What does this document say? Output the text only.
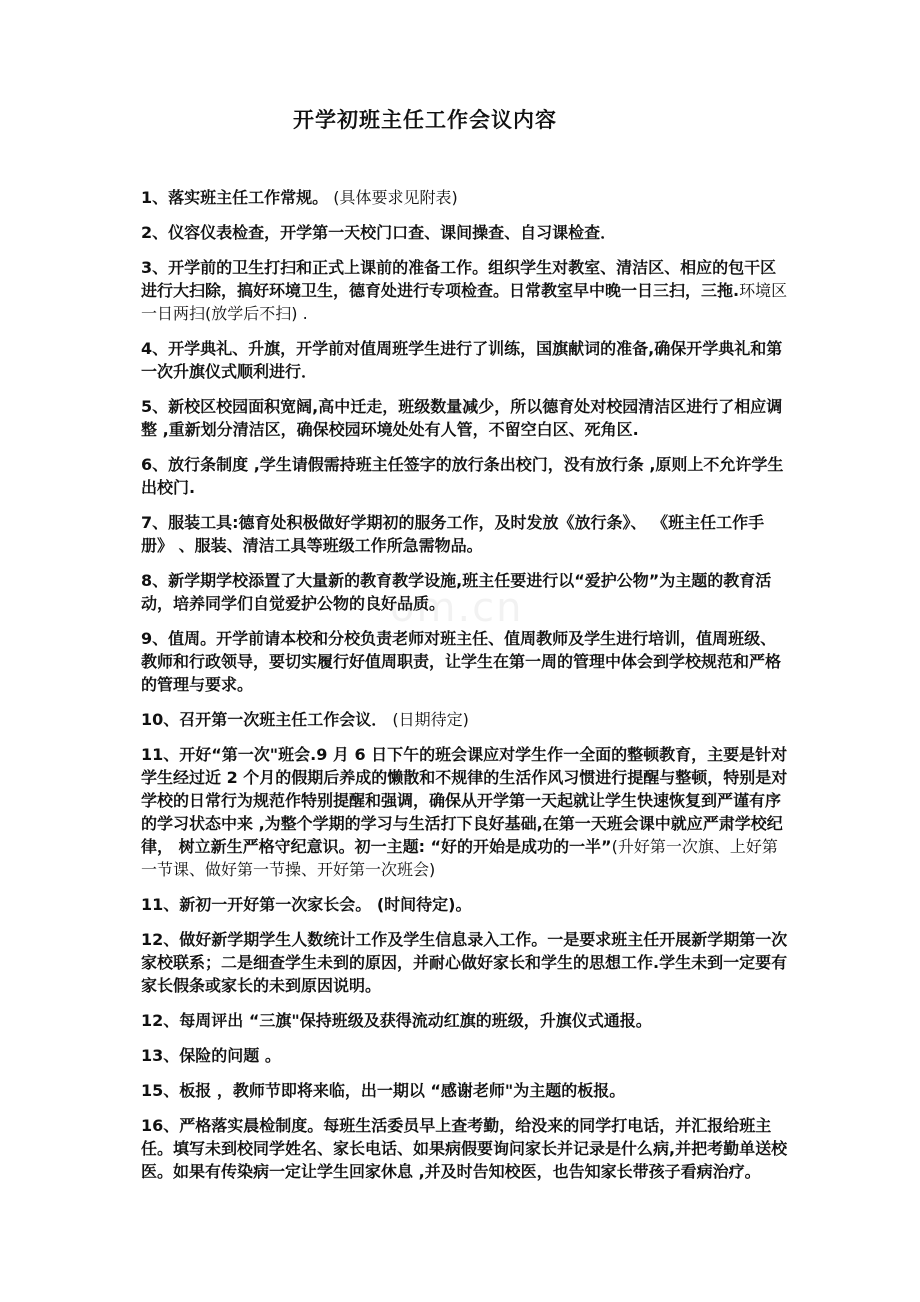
om.cn
开学初班主任工作会议内容

1、落实班主任工作常规。 (具体要求见附表)

2、仪容仪表检查，开学第一天校门口查、课间操查、自习课检查．

3、开学前的卫生打扫和正式上课前的准备工作。组织学生对教室、清洁区、相应的包干区进行大扫除，搞好环境卫生，德育处进行专项检查。日常教室早中晚一日三扫，三拖.环境区一日两扫(放学后不扫) .

4、开学典礼、升旗，开学前对值周班学生进行了训练，国旗献词的准备,确保开学典礼和第一次升旗仪式顺利进行．

5、新校区校园面积宽阔,高中迁走，班级数量减少，所以德育处对校园清洁区进行了相应调整 ,重新划分清洁区，确保校园环境处处有人管，不留空白区、死角区.

6、放行条制度 ,学生请假需持班主任签字的放行条出校门，没有放行条 ,原则上不允许学生出校门.

7、服装工具:德育处积极做好学期初的服务工作，及时发放《放行条》、 《班主任工作手册》 、服装、清洁工具等班级工作所急需物品。

8、新学期学校添置了大量新的教育教学设施,班主任要进行以“爱护公物”为主题的教育活动，培养同学们自觉爱护公物的良好品质。

9、值周。开学前请本校和分校负责老师对班主任、值周教师及学生进行培训，值周班级、教师和行政领导，要切实履行好值周职责，让学生在第一周的管理中体会到学校规范和严格的管理与要求。

10、召开第一次班主任工作会议． (日期待定)

11、开好“第一次"班会.9 月 6 日下午的班会课应对学生作一全面的整顿教育，主要是针对学生经过近 2 个月的假期后养成的懒散和不规律的生活作风习惯进行提醒与整顿，特别是对学校的日常行为规范作特别提醒和强调，确保从开学第一天起就让学生快速恢复到严谨有序的学习状态中来 ,为整个学期的学习与生活打下良好基础,在第一天班会课中就应严肃学校纪律， 树立新生严格守纪意识。初一主题: “好的开始是成功的一半”(升好第一次旗、上好第一节课、做好第一节操、开好第一次班会)

11、新初一开好第一次家长会。 (时间待定)。

12、做好新学期学生人数统计工作及学生信息录入工作。一是要求班主任开展新学期第一次家校联系；二是细查学生未到的原因，并耐心做好家长和学生的思想工作.学生未到一定要有家长假条或家长的未到原因说明。

12、每周评出 “三旗"保持班级及获得流动红旗的班级，升旗仪式通报。

13、保险的问题 。

15、板报 ，教师节即将来临，出一期以 “感谢老师"为主题的板报。

16、严格落实晨检制度。每班生活委员早上查考勤，给没来的同学打电话，并汇报给班主任。填写未到校同学姓名、家长电话、如果病假要询问家长并记录是什么病,并把考勤单送校医。如果有传染病一定让学生回家休息 ,并及时告知校医，也告知家长带孩子看病治疗。
